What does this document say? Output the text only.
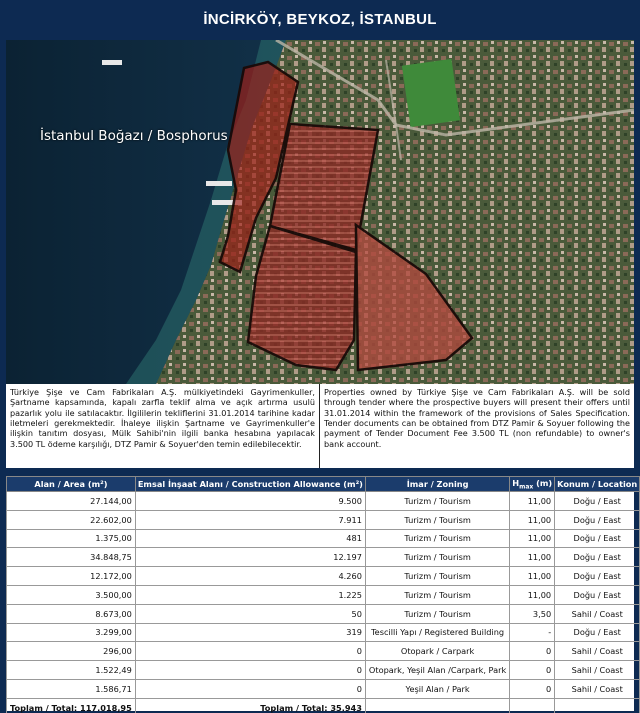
İNCİRKÖY, BEYKOZ, İSTANBUL
İstanbul Boğazı / Bosphorus
Türkiye Şişe ve Cam Fabrikaları A.Ş. mülkiyetindeki Gayrimenkuller, Şartname kapsamında, kapalı zarfla teklif alma ve açık artırma usulü pazarlık yolu ile satılacaktır. İlgililerin tekliflerini 31.01.2014 tarihine kadar iletmeleri gerekmektedir. İhaleye ilişkin Şartname ve Gayrimenkuller'e ilişkin tanıtım dosyası, Mülk Sahibi'nin ilgili banka hesabına yapılacak 3.500 TL ödeme karşılığı, DTZ Pamir & Soyuer'den temin edilebilecektir.
Properties owned by Türkiye Şişe ve Cam Fabrikaları A.Ş. will be sold through tender where the prospective buyers will present their offers until 31.01.2014 within the framework of the provisions of Sales Specification. Tender documents can be obtained from DTZ Pamir & Soyuer following the payment of Tender Document Fee 3.500 TL (non refundable) to owner's bank account.
Alan / Area (m²)	Emsal İnşaat Alanı / Construction Allowance (m²)	İmar / Zoning	$H_{max}$ (m)	Konum / Location
27.144,00	9.500	Turizm / Tourism	11,00	Doğu / East
22.602,00	7.911	Turizm / Tourism	11,00	Doğu / East
1.375,00	481	Turizm / Tourism	11,00	Doğu / East
34.848,75	12.197	Turizm / Tourism	11,00	Doğu / East
12.172,00	4.260	Turizm / Tourism	11,00	Doğu / East
3.500,00	1.225	Turizm / Tourism	11,00	Doğu / East
8.673,00	50	Turizm / Tourism	3,50	Sahil / Coast
3.299,00	319	Tescilli Yapı / Registered Building	-	Doğu / East
296,00	0	Otopark / Carpark	0	Sahil / Coast
1.522,49	0	Otopark, Yeşil Alan /Carpark, Park	0	Sahil / Coast
1.586,71	0	Yeşil Alan / Park	0	Sahil / Coast
Toplam / Total: 117.018,95	Toplam / Total: 35.943			
